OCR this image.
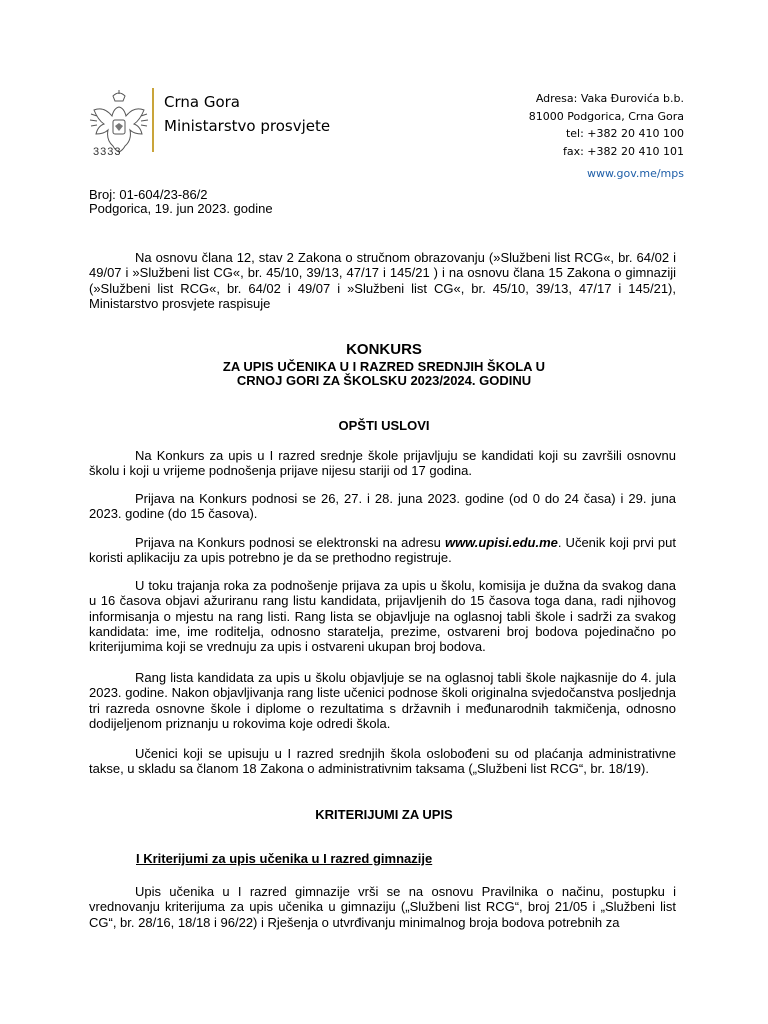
Crna Gora
Ministarstvo prosvjete
3333
Adresa: Vaka Đurovića b.b.
81000 Podgorica, Crna Gora
tel: +382 20 410 100
fax: +382 20 410 101
www.gov.me/mps
Broj: 01-604/23-86/2
Podgorica, 19. jun 2023. godine
Na osnovu člana 12, stav 2 Zakona o stručnom obrazovanju (»Službeni list RCG«, br. 64/02 i 49/07 i »Službeni list CG«, br. 45/10, 39/13, 47/17 i 145/21 ) i na osnovu člana 15 Zakona o gimnaziji (»Službeni list RCG«, br. 64/02 i 49/07 i »Službeni list CG«, br. 45/10, 39/13, 47/17 i 145/21), Ministarstvo prosvjete raspisuje
KONKURS
ZA UPIS UČENIKA U I RAZRED SREDNJIH ŠKOLA U
CRNOJ GORI ZA ŠKOLSKU 2023/2024. GODINU
OPŠTI USLOVI
Na Konkurs za upis u I razred srednje škole prijavljuju se kandidati koji su završili osnovnu školu i koji u vrijeme podnošenja prijave nijesu stariji od 17 godina.
Prijava na Konkurs podnosi se 26, 27. i 28. juna 2023. godine (od 0 do 24 časa) i 29. juna 2023. godine (do 15 časova).
Prijava na Konkurs podnosi se elektronski na adresu www.upisi.edu.me. Učenik koji prvi put koristi aplikaciju za upis potrebno je da se prethodno registruje.
U toku trajanja roka za podnošenje prijava za upis u školu, komisija je dužna da svakog dana u 16 časova objavi ažuriranu rang listu kandidata, prijavljenih do 15 časova toga dana, radi njihovog informisanja o mjestu na rang listi. Rang lista se objavljuje na oglasnoj tabli škole i sadrži za svakog kandidata: ime, ime roditelja, odnosno staratelja, prezime, ostvareni broj bodova pojedinačno po kriterijumima koji se vrednuju za upis i ostvareni ukupan broj bodova.
Rang lista kandidata za upis u školu objavljuje se na oglasnoj tabli škole najkasnije do 4. jula 2023. godine. Nakon objavljivanja rang liste učenici podnose školi originalna svjedočanstva posljednja tri razreda osnovne škole i diplome o rezultatima s državnih i međunarodnih takmičenja, odnosno dodijeljenom priznanju u rokovima koje odredi škola.
Učenici koji se upisuju u I razred srednjih škola oslobođeni su od plaćanja administrativne takse, u skladu sa članom 18 Zakona o administrativnim taksama („Službeni list RCG“, br. 18/19).
KRITERIJUMI ZA UPIS
I Kriterijumi za upis učenika u I razred gimnazije
Upis učenika u I razred gimnazije vrši se na osnovu Pravilnika o načinu, postupku i vrednovanju kriterijuma za upis učenika u gimnaziju („Službeni list RCG“, broj 21/05 i „Službeni list CG“, br. 28/16, 18/18 i 96/22) i Rješenja o utvrđivanju minimalnog broja bodova potrebnih za
